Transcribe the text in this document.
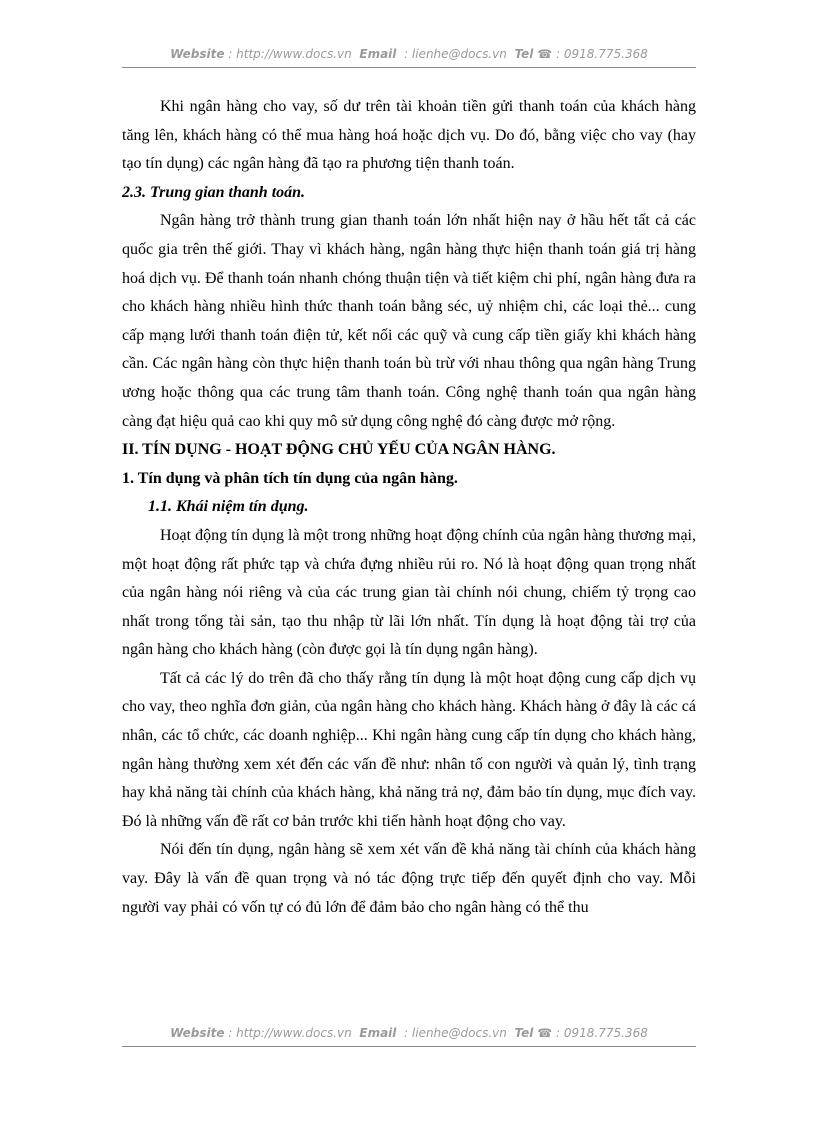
Website : http://www.docs.vn Email : lienhe@docs.vn Tel ☎ : 0918.775.368

Khi ngân hàng cho vay, số dư trên tài khoản tiền gửi thanh toán của khách hàng tăng lên, khách hàng có thể mua hàng hoá hoặc dịch vụ. Do đó, bằng việc cho vay (hay tạo tín dụng) các ngân hàng đã tạo ra phương tiện thanh toán.

2.3. Trung gian thanh toán.

Ngân hàng trở thành trung gian thanh toán lớn nhất hiện nay ở hầu hết tất cả các quốc gia trên thế giới. Thay vì khách hàng, ngân hàng thực hiện thanh toán giá trị hàng hoá dịch vụ. Để thanh toán nhanh chóng thuận tiện và tiết kiệm chi phí, ngân hàng đưa ra cho khách hàng nhiều hình thức thanh toán bằng séc, uỷ nhiệm chi, các loại thẻ... cung cấp mạng lưới thanh toán điện tử, kết nối các quỹ và cung cấp tiền giấy khi khách hàng cần. Các ngân hàng còn thực hiện thanh toán bù trừ với nhau thông qua ngân hàng Trung ương hoặc thông qua các trung tâm thanh toán. Công nghệ thanh toán qua ngân hàng càng đạt hiệu quả cao khi quy mô sử dụng công nghệ đó càng được mở rộng.

II. TÍN DỤNG - HOẠT ĐỘNG CHỦ YẾU CỦA NGÂN HÀNG.

1. Tín dụng và phân tích tín dụng của ngân hàng.

1.1. Khái niệm tín dụng.

Hoạt động tín dụng là một trong những hoạt động chính của ngân hàng thương mại, một hoạt động rất phức tạp và chứa đựng nhiều rủi ro. Nó là hoạt động quan trọng nhất của ngân hàng nói riêng và của các trung gian tài chính nói chung, chiếm tỷ trọng cao nhất trong tổng tài sản, tạo thu nhập từ lãi lớn nhất. Tín dụng là hoạt động tài trợ của ngân hàng cho khách hàng (còn được gọi là tín dụng ngân hàng).

Tất cả các lý do trên đã cho thấy rằng tín dụng là một hoạt động cung cấp dịch vụ cho vay, theo nghĩa đơn giản, của ngân hàng cho khách hàng. Khách hàng ở đây là các cá nhân, các tổ chức, các doanh nghiệp... Khi ngân hàng cung cấp tín dụng cho khách hàng, ngân hàng thường xem xét đến các vấn đề như: nhân tố con người và quản lý, tình trạng hay khả năng tài chính của khách hàng, khả năng trả nợ, đảm bảo tín dụng, mục đích vay. Đó là những vấn đề rất cơ bản trước khi tiến hành hoạt động cho vay.

Nói đến tín dụng, ngân hàng sẽ xem xét vấn đề khả năng tài chính của khách hàng vay. Đây là vấn đề quan trọng và nó tác động trực tiếp đến quyết định cho vay. Mỗi người vay phải có vốn tự có đủ lớn để đảm bảo cho ngân hàng có thể thu

Website : http://www.docs.vn Email : lienhe@docs.vn Tel ☎ : 0918.775.368
